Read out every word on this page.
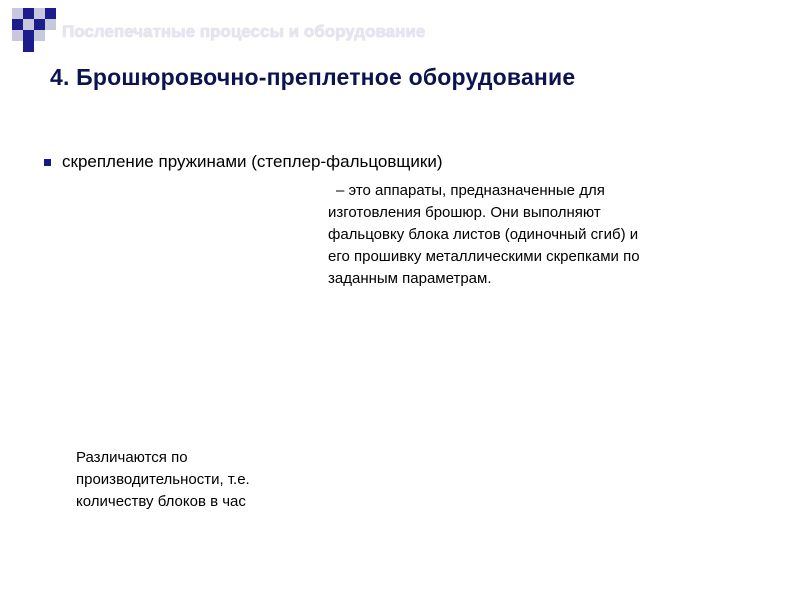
Послепечатные процессы и оборудование
4. Брошюровочно-преплетное оборудование
скрепление пружинами (степлер-фальцовщики)
– это аппараты, предназначенные для
изготовления брошюр. Они выполняют
фальцовку блока листов (одиночный сгиб) и
его прошивку металлическими скрепками по
заданным параметрам.
Различаются по
производительности, т.е.
количеству блоков в час
